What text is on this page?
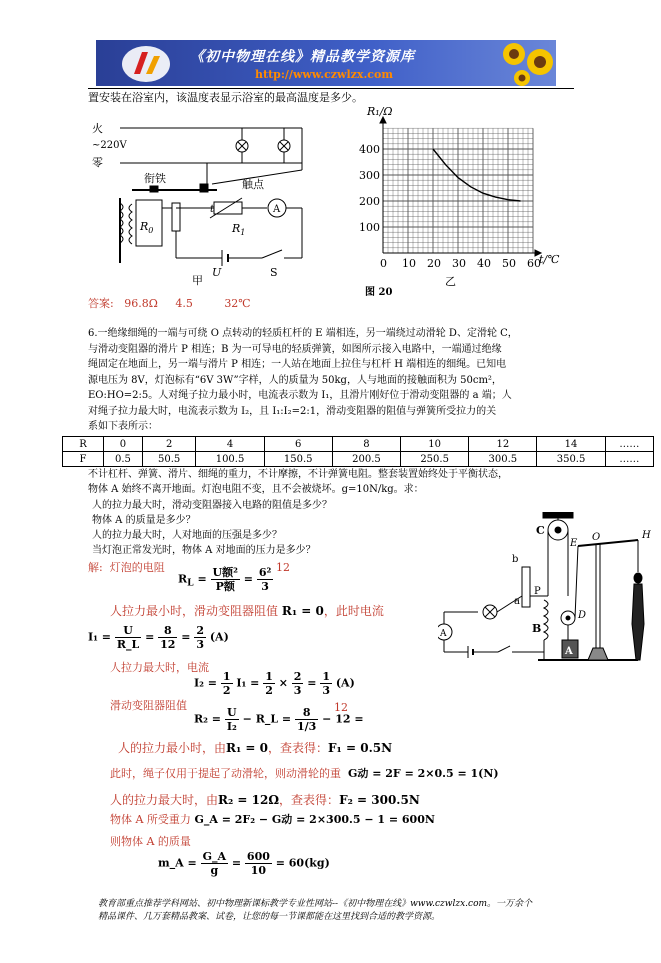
《初中物理在线》精品教学资源库
http://www.czwlzx.com
置安装在浴室内，该温度表显示浴室的最高温度是多少。
火
~220V
零
衔铁	触点
$R_0$	$R_1$
t	A
U	S
甲
0 10 20 30 40 50 60
100
200
300
400
R₁/Ω
t/℃
乙
图 20
答案: 96.8Ω 4.5	32℃
6.一绝缘细绳的一端与可绕 O 点转动的轻质杠杆的 E 端相连，另一端绕过动滑轮 D、定滑轮 C，
与滑动变阻器的滑片 P 相连；B 为一可导电的轻质弹簧，如图所示接入电路中，一端通过绝缘
绳固定在地面上，另一端与滑片 P 相连；一人站在地面上拉住与杠杆 H 端相连的细绳。已知电
源电压为 8V，灯泡标有“6V 3W”字样，人的质量为 50kg，人与地面的接触面积为 50cm²，
EO:HO=2:5。人对绳子拉力最小时，电流表示数为 I₁，且滑片刚好位于滑动变阻器的 a 端；人
对绳子拉力最大时，电流表示数为 I₂，且 I₁:I₂=2:1，滑动变阻器的阻值与弹簧所受拉力的关
系如下表所示：
R	0	2	4	6	8	10	12	14	……
F	0.5	50.5	100.5	150.5	200.5	250.5	300.5	350.5	……
不计杠杆、弹簧、滑片、细绳的重力，不计摩擦，不计弹簧电阻。整套装置始终处于平衡状态，
物体 A 始终不离开地面。灯泡电阻不变，且不会被烧坏。g=10N/kg。求：
人的拉力最大时，滑动变阻器接入电路的阻值是多少？
物体 A 的质量是多少？
人的拉力最大时，人对地面的压强是多少？
当灯泡正常发光时，物体 A 对地面的压力是多少？
C
E
O	H
b
P
a
B
D
A
A
解: 灯泡的电阻
$R_L = \frac{\text{U额²}}{\text{P额}} = \frac{\text{6²}}{3} 12$
人拉力最小时，滑动变阻器阻值 R₁ = 0，此时电流
$I_1 = \frac{U}{R\_L} = \frac{8}{12} = \frac{2}{3} (A)$
人拉力最大时，电流
$I_2 = \frac{1}{2} I_1 = \frac{1}{2} \times \frac{2}{3} = \frac{1}{3} (A)$
滑动变阻器阻值
$R_2 = \frac{U}{\text{I₂}}$ − R_L = $\frac{8}{1/3} - 12$ =
12
人的拉力最小时，由R₁ = 0，查表得：F₁ = 0.5N
此时，绳子仅用于提起了动滑轮，则动滑轮的重 G动 = 2F = 2×0.5 = 1(N)
人的拉力最大时，由R₂ = 12Ω，查表得：F₂ = 300.5N
物体 A 所受重力 G_A = 2F₂ − G动 = 2×300.5 − 1 = 600N
则物体 A 的质量
m_A = $\frac{G\_A}{g} = \frac{600}{10} = 60(kg)$
教育部重点推荐学科网站、初中物理新课标教学专业性网站--《初中物理在线》www.czwlzx.com。一万余个
精品课件、几万套精品教案、试卷，让您的每一节课都能在这里找到合适的教学资源。
